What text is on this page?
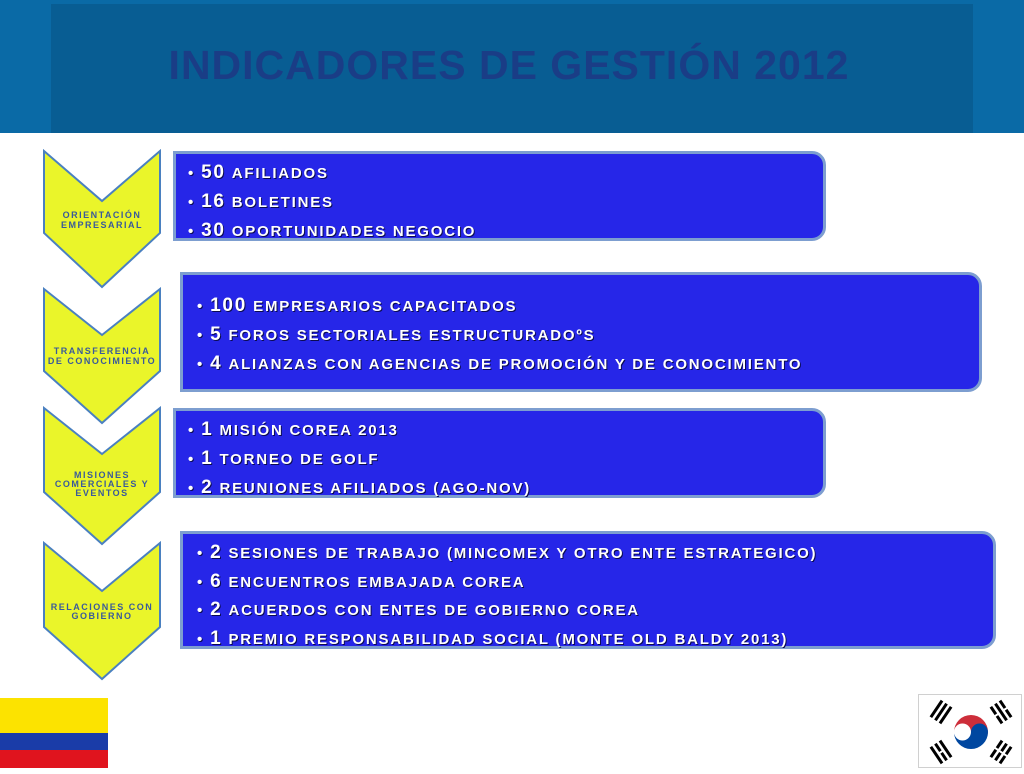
INDICADORES DE GESTIÓN 2012
ORIENTACIÓN
EMPRESARIAL
• 50 AFILIADOS
• 16 BOLETINES
• 30 OPORTUNIDADES NEGOCIO
TRANSFERENCIA
DE CONOCIMIENTO
• 100 EMPRESARIOS CAPACITADOS
• 5 FOROS SECTORIALES ESTRUCTURADOºS
• 4 ALIANZAS CON AGENCIAS DE PROMOCIÓN Y DE CONOCIMIENTO
MISIONES
COMERCIALES Y
EVENTOS
• 1 MISIÓN COREA 2013
• 1 TORNEO DE GOLF
• 2 REUNIONES AFILIADOS (AGO-NOV)
RELACIONES CON
GOBIERNO
• 2 SESIONES DE TRABAJO (MINCOMEX Y OTRO ENTE ESTRATEGICO)
• 6 ENCUENTROS EMBAJADA COREA
• 2 ACUERDOS CON ENTES DE GOBIERNO COREA
• 1 PREMIO RESPONSABILIDAD SOCIAL (MONTE OLD BALDY 2013)
